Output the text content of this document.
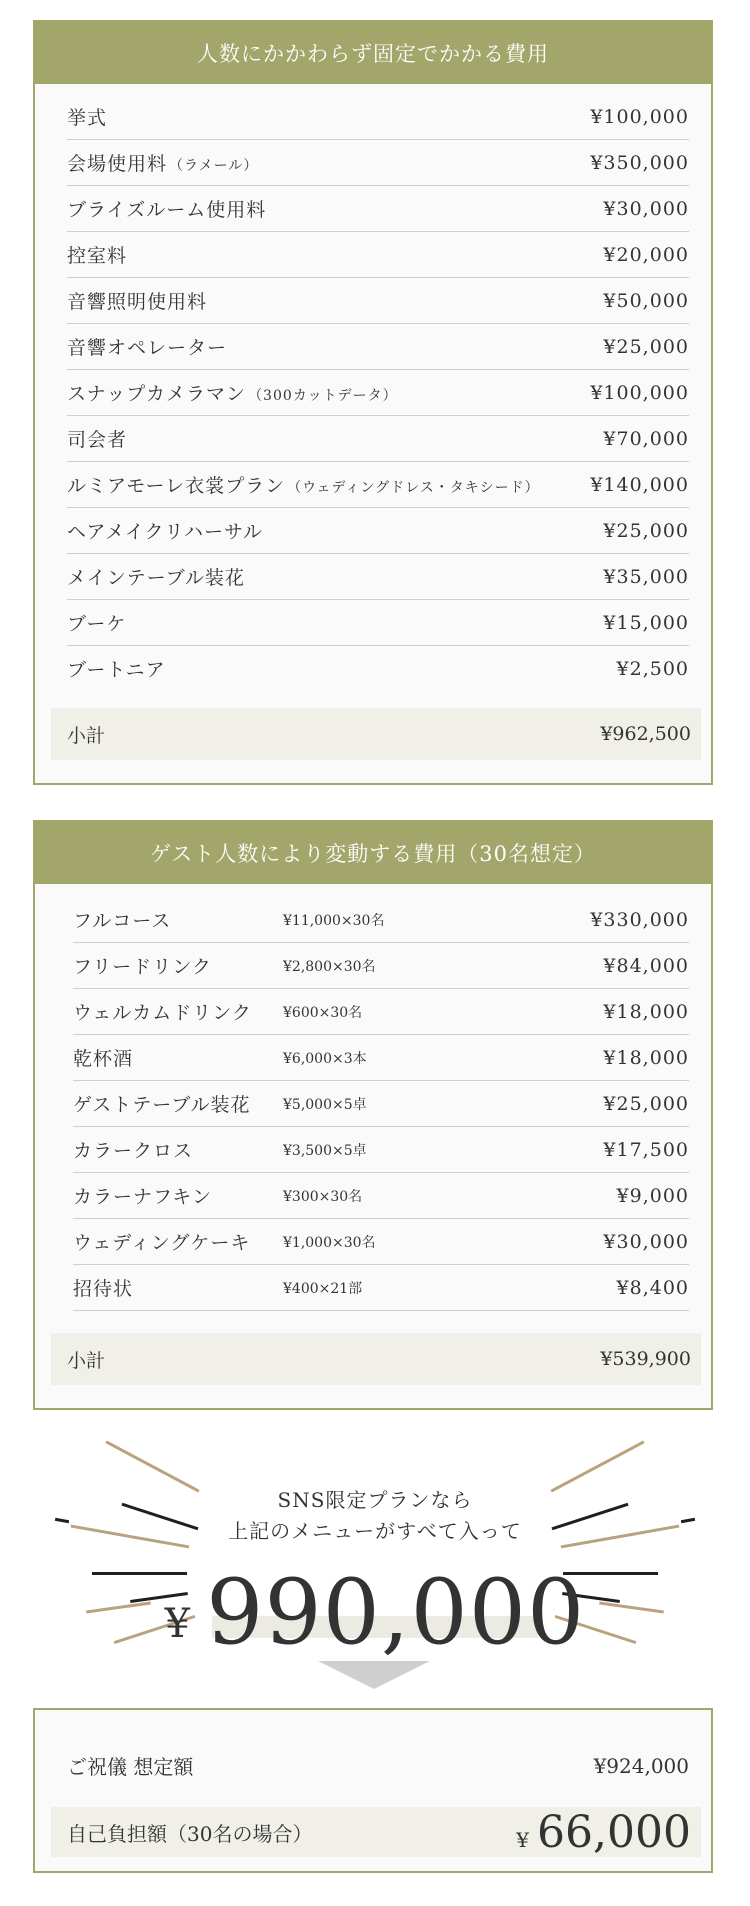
人数にかかわらず固定でかかる費用
挙式	¥100,000
会場使用料 （ラメール）	¥350,000
ブライズルーム使用料	¥30,000
控室料	¥20,000
音響照明使用料	¥50,000
音響オペレーター	¥25,000
スナップカメラマン （300カットデータ）	¥100,000
司会者	¥70,000
ルミアモーレ衣裳プラン （ウェディングドレス・タキシード）	¥140,000
ヘアメイクリハーサル	¥25,000
メインテーブル装花	¥35,000
ブーケ	¥15,000
ブートニア	¥2,500
小計	¥962,500
ゲスト人数により変動する費用（30名想定）
フルコース	¥11,000×30名	¥330,000
フリードリンク	¥2,800×30名	¥84,000
ウェルカムドリンク	¥600×30名	¥18,000
乾杯酒	¥6,000×3本	¥18,000
ゲストテーブル装花	¥5,000×5卓	¥25,000
カラークロス	¥3,500×5卓	¥17,500
カラーナフキン	¥300×30名	¥9,000
ウェディングケーキ	¥1,000×30名	¥30,000
招待状	¥400×21部	¥8,400
小計	¥539,900
SNS限定プランなら
上記のメニューがすべて入って
¥ 990,000
ご祝儀 想定額	¥924,000
自己負担額（30名の場合）	¥ 66,000
